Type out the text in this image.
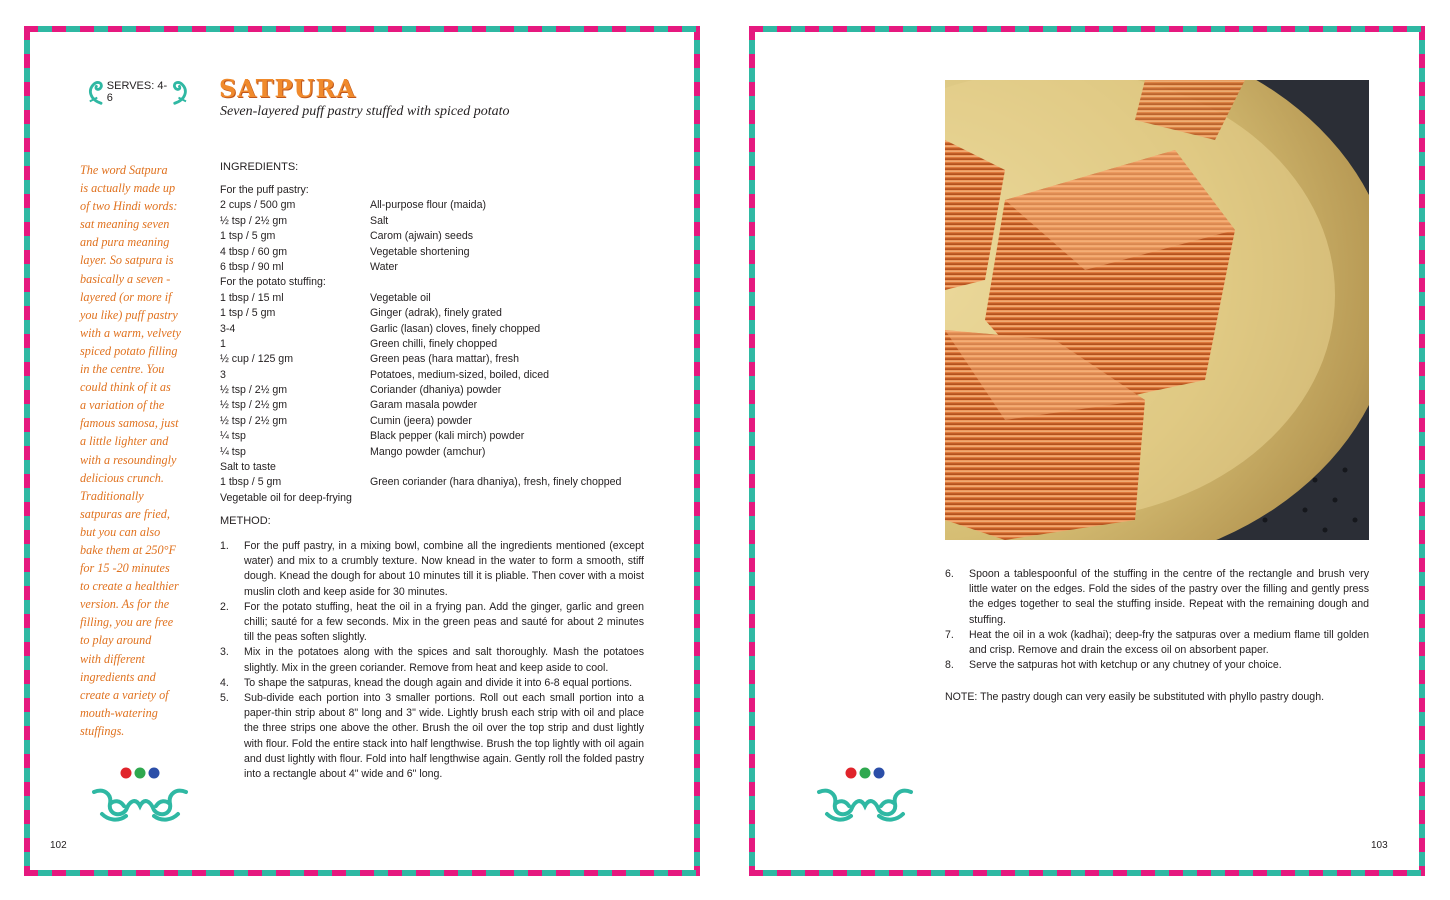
SERVES: 4-6	SATPURA
Seven-layered puff pastry stuffed with spiced potato
The word Satpura
is actually made up
of two Hindi words:
sat meaning seven
and pura meaning
layer. So satpura is
basically a seven -
layered (or more if
you like) puff pastry
with a warm, velvety
spiced potato filling
in the centre. You
could think of it as
a variation of the
famous samosa, just
a little lighter and
with a resoundingly
delicious crunch.
Traditionally
satpuras are fried,
but you can also
bake them at 250°F
for 15 -20 minutes
to create a healthier
version. As for the
filling, you are free
to play around
with different
ingredients and
create a variety of
mouth-watering
stuffings.
INGREDIENTS:
For the puff pastry:
2 cups / 500 gm	All-purpose flour (maida)
½ tsp / 2½ gm	Salt
1 tsp / 5 gm	Carom (ajwain) seeds
4 tbsp / 60 gm	Vegetable shortening
6 tbsp / 90 ml	Water
For the potato stuffing:
1 tbsp / 15 ml	Vegetable oil
1 tsp / 5 gm	Ginger (adrak), finely grated
3-4	Garlic (lasan) cloves, finely chopped
1	Green chilli, finely chopped
½ cup / 125 gm	Green peas (hara mattar), fresh
3	Potatoes, medium-sized, boiled, diced
½ tsp / 2½ gm	Coriander (dhaniya) powder
½ tsp / 2½ gm	Garam masala powder
½ tsp / 2½ gm	Cumin (jeera) powder
¼ tsp	Black pepper (kali mirch) powder
¼ tsp	Mango powder (amchur)
Salt to taste
1 tbsp / 5 gm	Green coriander (hara dhaniya), fresh, finely chopped
Vegetable oil for deep-frying
METHOD:
1.	For the puff pastry, in a mixing bowl, combine all the ingredients mentioned (except water) and mix to a crumbly texture. Now knead in the water to form a smooth, stiff dough. Knead the dough for about 10 minutes till it is pliable. Then cover with a moist muslin cloth and keep aside for 30 minutes.
2.	For the potato stuffing, heat the oil in a frying pan. Add the ginger, garlic and green chilli; sauté for a few seconds. Mix in the green peas and sauté for about 2 minutes till the peas soften slightly.
3.	Mix in the potatoes along with the spices and salt thoroughly. Mash the potatoes slightly. Mix in the green coriander. Remove from heat and keep aside to cool.
4.	To shape the satpuras, knead the dough again and divide it into 6-8 equal portions.
5.	Sub-divide each portion into 3 smaller portions. Roll out each small portion into a paper-thin strip about 8" long and 3" wide. Lightly brush each strip with oil and place the three strips one above the other. Brush the oil over the top strip and dust lightly with flour. Fold the entire stack into half lengthwise. Brush the top lightly with oil again and dust lightly with flour. Fold into half lengthwise again. Gently roll the folded pastry into a rectangle about 4" wide and 6" long.
102
6.	Spoon a tablespoonful of the stuffing in the centre of the rectangle and brush very little water on the edges. Fold the sides of the pastry over the filling and gently press the edges together to seal the stuffing inside. Repeat with the remaining dough and stuffing.
7.	Heat the oil in a wok (kadhai); deep-fry the satpuras over a medium flame till golden and crisp. Remove and drain the excess oil on absorbent paper.
8.	Serve the satpuras hot with ketchup or any chutney of your choice.
NOTE: The pastry dough can very easily be substituted with phyllo pastry dough.
103
